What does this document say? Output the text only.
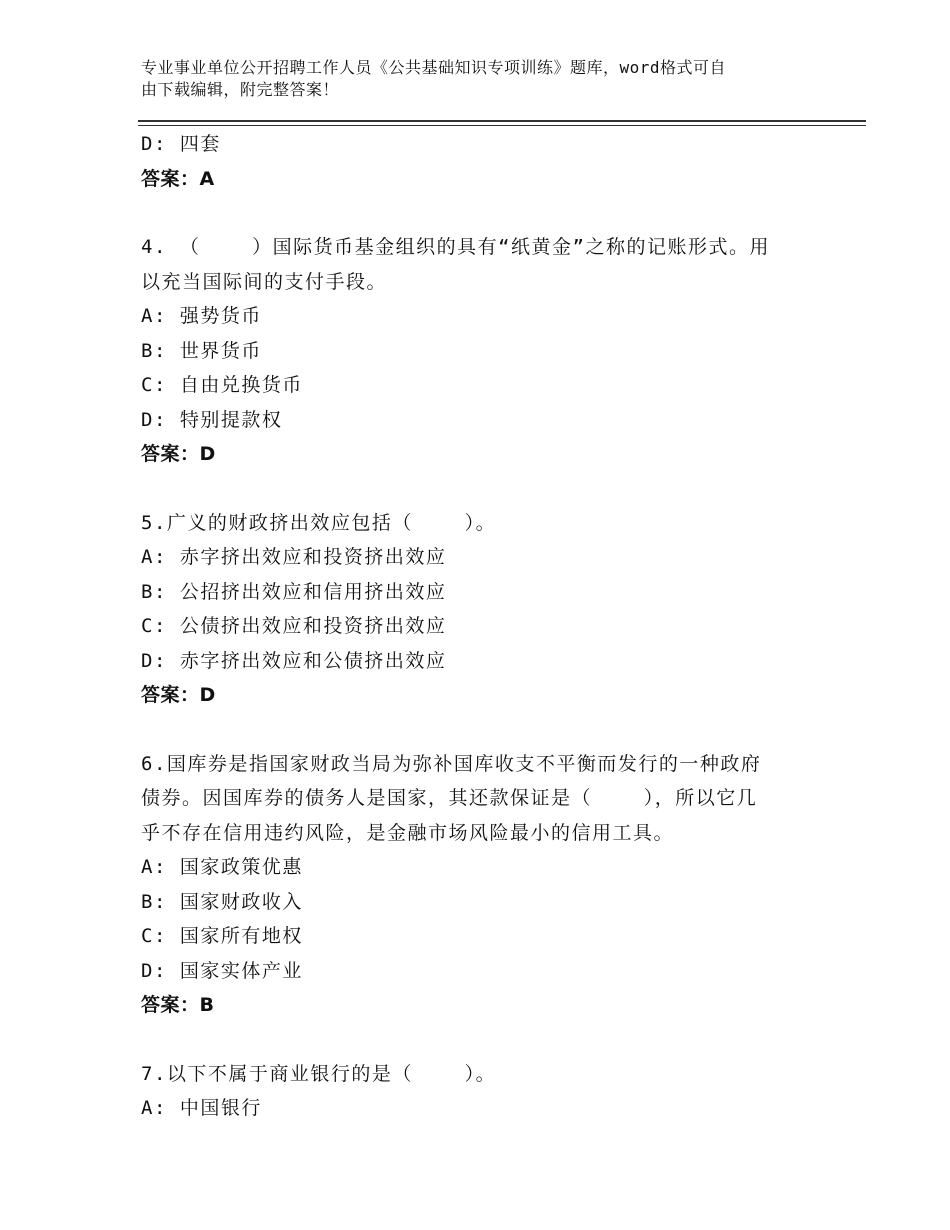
专业事业单位公开招聘工作人员《公共基础知识专项训练》题库，word格式可自
由下载编辑，附完整答案！
D: 四套
答案：A
4. （    ）国际货币基金组织的具有“纸黄金”之称的记账形式。用
以充当国际间的支付手段。
A: 强势货币
B: 世界货币
C: 自由兑换货币
D: 特别提款权
答案：D
5.广义的财政挤出效应包括（    ）。
A: 赤字挤出效应和投资挤出效应
B: 公招挤出效应和信用挤出效应
C: 公债挤出效应和投资挤出效应
D: 赤字挤出效应和公债挤出效应
答案：D
6.国库券是指国家财政当局为弥补国库收支不平衡而发行的一种政府
债券。因国库券的债务人是国家，其还款保证是（    ），所以它几
乎不存在信用违约风险，是金融市场风险最小的信用工具。
A: 国家政策优惠
B: 国家财政收入
C: 国家所有地权
D: 国家实体产业
答案：B
7.以下不属于商业银行的是（    ）。
A: 中国银行
